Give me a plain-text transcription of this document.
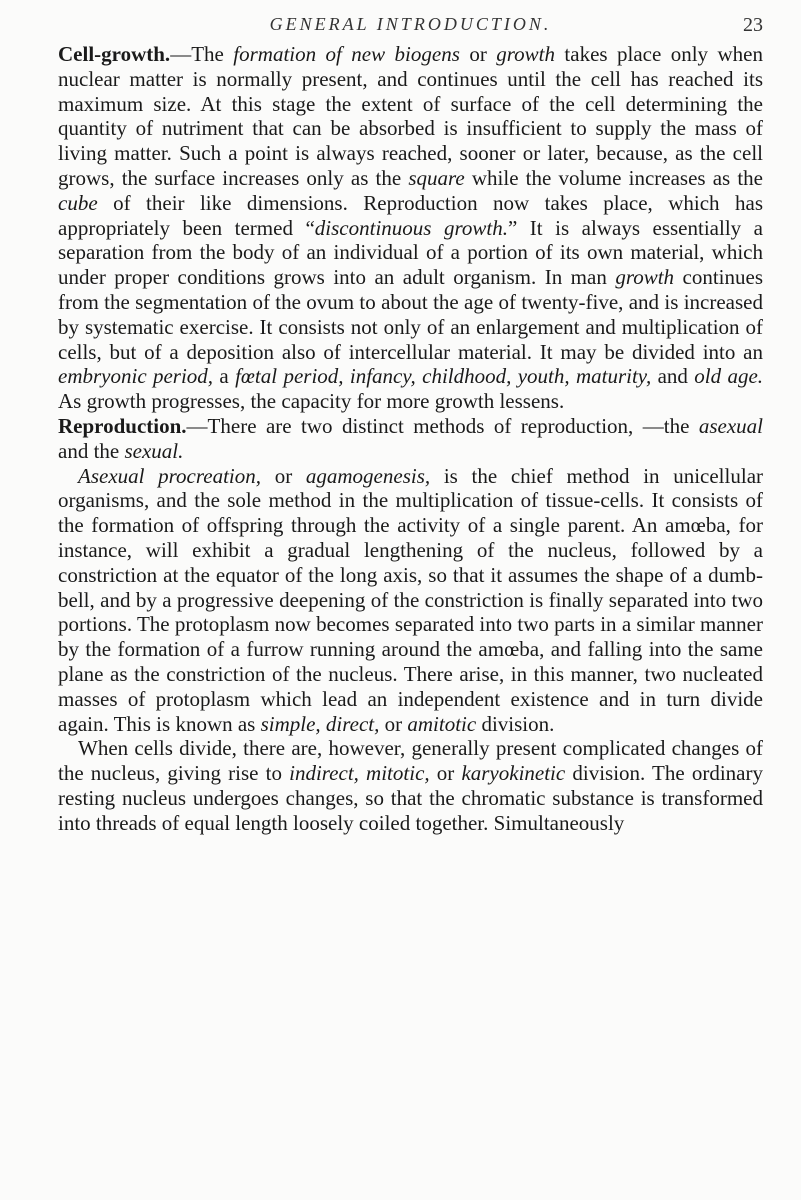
GENERAL INTRODUCTION.	23

Cell-growth.—The formation of new biogens or growth takes place only when nuclear matter is normally present, and continues until the cell has reached its maximum size. At this stage the extent of surface of the cell determining the quantity of nutriment that can be absorbed is insufficient to supply the mass of living matter. Such a point is always reached, sooner or later, because, as the cell grows, the surface increases only as the square while the volume increases as the cube of their like dimensions. Reproduction now takes place, which has appropriately been termed “discontinuous growth.” It is always essentially a separation from the body of an individual of a portion of its own material, which under proper conditions grows into an adult organism. In man growth continues from the segmentation of the ovum to about the age of twenty-five, and is increased by systematic exercise. It consists not only of an enlargement and multiplication of cells, but of a deposition also of intercellular material. It may be divided into an embryonic period, a fœtal period, infancy, childhood, youth, maturity, and old age. As growth progresses, the capacity for more growth lessens.

Reproduction.—There are two distinct methods of reproduction, —the asexual and the sexual.

Asexual procreation, or agamogenesis, is the chief method in unicellular organisms, and the sole method in the multiplication of tissue-cells. It consists of the formation of offspring through the activity of a single parent. An amœba, for instance, will exhibit a gradual lengthening of the nucleus, followed by a constriction at the equator of the long axis, so that it assumes the shape of a dumb-bell, and by a progressive deepening of the constriction is finally separated into two portions. The protoplasm now becomes separated into two parts in a similar manner by the formation of a furrow running around the amœba, and falling into the same plane as the constriction of the nucleus. There arise, in this manner, two nucleated masses of protoplasm which lead an independent existence and in turn divide again. This is known as simple, direct, or amitotic division.

When cells divide, there are, however, generally present complicated changes of the nucleus, giving rise to indirect, mitotic, or karyokinetic division. The ordinary resting nucleus undergoes changes, so that the chromatic substance is transformed into threads of equal length loosely coiled together. Simultaneously
